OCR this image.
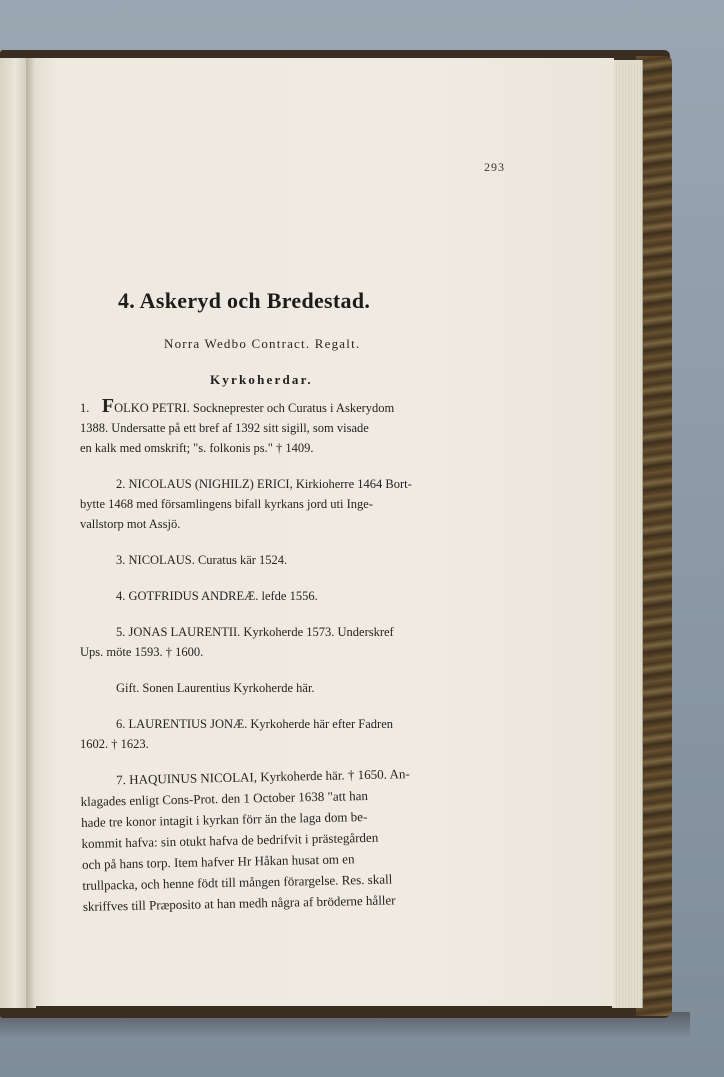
293
4. Askeryd och Bredestad.
Norra Wedbo Contract. Regalt.
Kyrkoherdar.

1. FOLKO PETRI. Sockneprester och Curatus i Askerydom

1388. Undersatte på ett bref af 1392 sitt sigill, som visade

en kalk med omskrift; "s. folkonis ps." † 1409.

2. NICOLAUS (NIGHILZ) ERICI, Kirkioherre 1464 Bort-

bytte 1468 med församlingens bifall kyrkans jord uti Inge-

vallstorp mot Assjö.

3. NICOLAUS. Curatus kär 1524.

4. GOTFRIDUS ANDREÆ. lefde 1556.

5. JONAS LAURENTII. Kyrkoherde 1573. Underskref

Ups. möte 1593. † 1600.

Gift. Sonen Laurentius Kyrkoherde här.

6. LAURENTIUS JONÆ. Kyrkoherde här efter Fadren

1602. † 1623.

7. HAQUINUS NICOLAI, Kyrkoherde här. † 1650. An-

klagades enligt Cons-Prot. den 1 October 1638 "att han

hade tre konor intagit i kyrkan förr än the laga dom be-

kommit hafva: sin otukt hafva de bedrifvit i prästegården

och på hans torp. Item hafver Hr Håkan husat om en

trullpacka, och henne födt till mången förargelse. Res. skall

skriffves till Præposito at han medh några af bröderne håller
